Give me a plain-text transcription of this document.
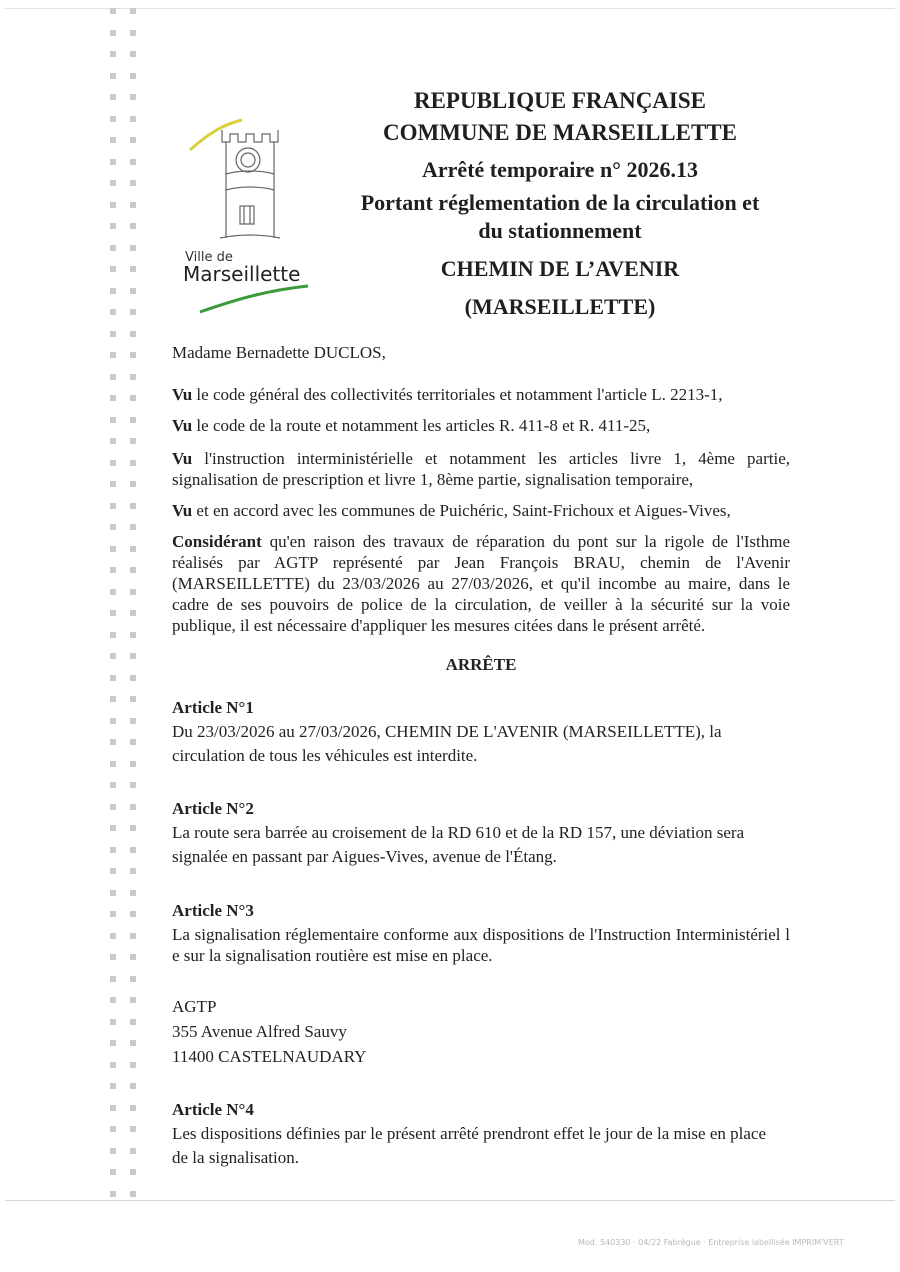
Ville de
Marseillette
REPUBLIQUE FRANÇAISE
COMMUNE DE MARSEILLETTE
Arrêté temporaire n° 2026.13
Portant réglementation de la circulation et
du stationnement
CHEMIN DE L’AVENIR
(MARSEILLETTE)
Madame Bernadette DUCLOS,
Vu le code général des collectivités territoriales et notamment l'article L. 2213-1,
Vu le code de la route et notamment les articles R. 411-8 et R. 411-25,
Vu l'instruction interministérielle et notamment les articles livre 1, 4ème partie, signalisation de prescription et livre 1, 8ème partie, signalisation temporaire,
Vu et en accord avec les communes de Puichéric, Saint-Frichoux et Aigues-Vives,
Considérant qu'en raison des travaux de réparation du pont sur la rigole de l'Isthme réalisés par AGTP représenté par Jean François BRAU, chemin de l'Avenir (MARSEILLETTE) du 23/03/2026 au 27/03/2026, et qu'il incombe au maire, dans le cadre de ses pouvoirs de police de la circulation, de veiller à la sécurité sur la voie publique, il est nécessaire d'appliquer les mesures citées dans le présent arrêté.
ARRÊTE
Article N°1
Du 23/03/2026 au 27/03/2026, CHEMIN DE L'AVENIR (MARSEILLETTE), la
circulation de tous les véhicules est interdite.
Article N°2
La route sera barrée au croisement de la RD 610 et de la RD 157, une déviation sera
signalée en passant par Aigues-Vives, avenue de l'Étang.
Article N°3
La signalisation réglementaire conforme aux dispositions de l'Instruction Interministériel l e sur la signalisation routière est mise en place.
AGTP
355 Avenue Alfred Sauvy
11400 CASTELNAUDARY
Article N°4
Les dispositions définies par le présent arrêté prendront effet le jour de la mise en place
de la signalisation.
Mod. 540330 · 04/22 Fabrègue · Entreprise labellisée IMPRIM'VERT
